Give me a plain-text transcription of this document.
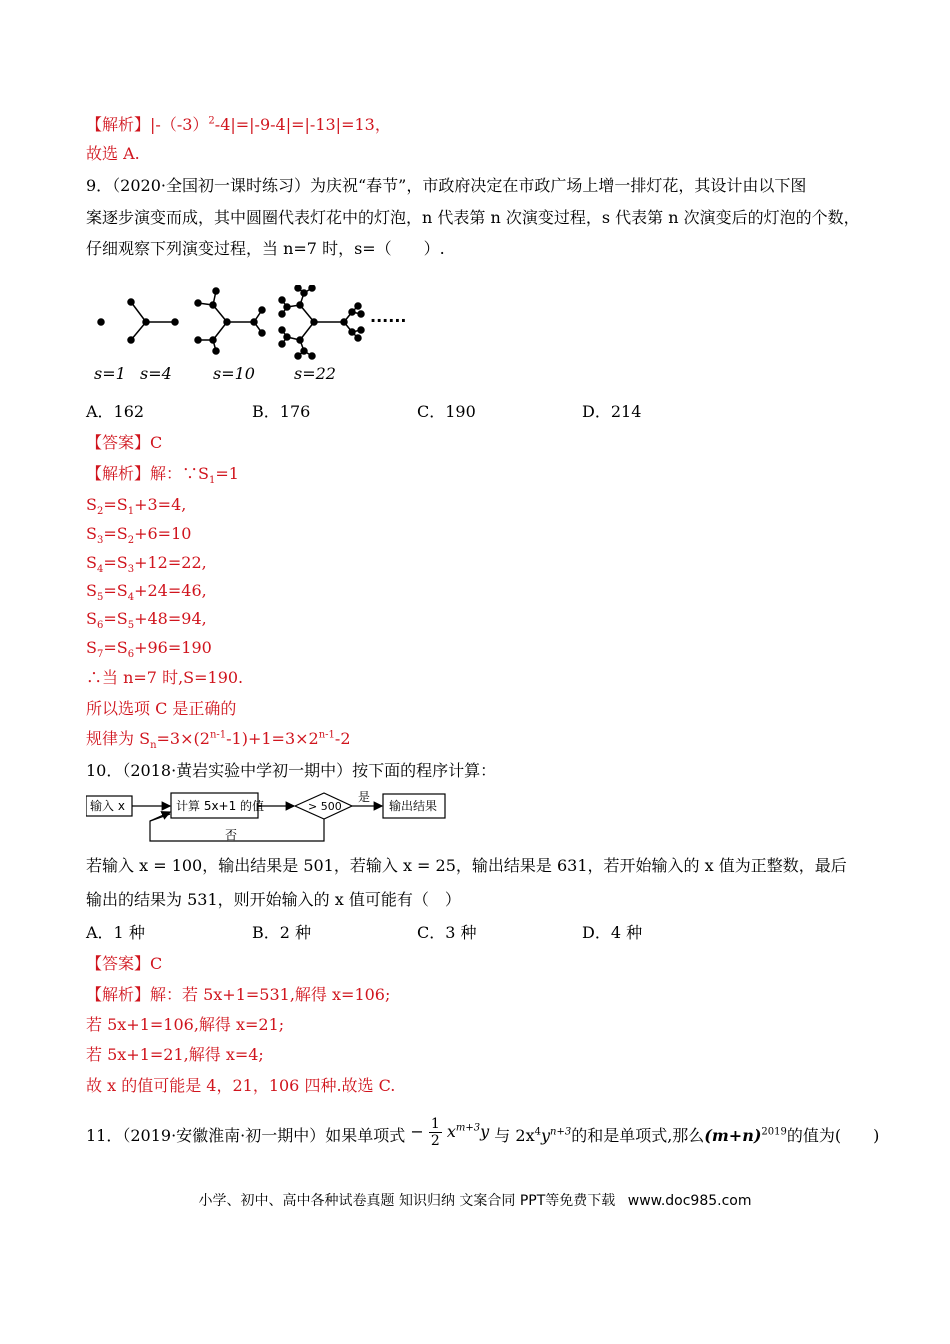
【解析】$|-(-3)^2-4|=|-9-4|=|-13|=13$，
故选 A.
9．（2020·全国初一课时练习）为庆祝“春节”，市政府决定在市政广场上增一排灯花，其设计由以下图
案逐步演变而成，其中圆圈代表灯花中的灯泡，n 代表第 n 次演变过程，s 代表第 n 次演变后的灯泡的个数，
仔细观察下列演变过程，当 n=7 时，s=（　　）.
······
s=1 s=4	s=10 s=22
A．162	B．176	C．190	D．214
【答案】C
【解析】解：$\because S_1=1$
$S_2=S_1+3=4$,
$S_3=S_2+6=10$
$S_4=S_3+12=22$,
$S_5=S_4+24=46$,
$S_6=S_5+48=94$,
$S_7=S_6+96=190$
∴当 n=7 时,S=190.
所以选项 C 是正确的
规律为 $S_n=3\times(2^{n-1}-1)+1=3\times 2^{n-1}-2$
10．（2018·黄岩实验中学初一期中）按下面的程序计算：
输入 x	计算 5x+1 的值	> 500
是
输出结果
否
若输入 x = 100，输出结果是 501，若输入 x = 25，输出结果是 631，若开始输入的 x 值为正整数，最后
输出的结果为 531，则开始输入的 x 值可能有（　）
A．1 种	B．2 种	C．3 种	D．4 种
【答案】C
【解析】解：若 5x+1=531,解得 x=106;
若 5x+1=106,解得 x=21;
若 5x+1=21,解得 x=4;
故 x 的值可能是 4，21，106 四种.故选 C.
11．（2019·安徽淮南·初一期中）如果单项式 − $\frac{1}{2} x^{m+3}y$ 与 $2x^4y^{n+3}$的和是单项式,那么$(m+n)^{2019}$的值为(　　)
小学、初中、高中各种试卷真题 知识归纳 文案合同 PPT等免费下载 www.doc985.com
